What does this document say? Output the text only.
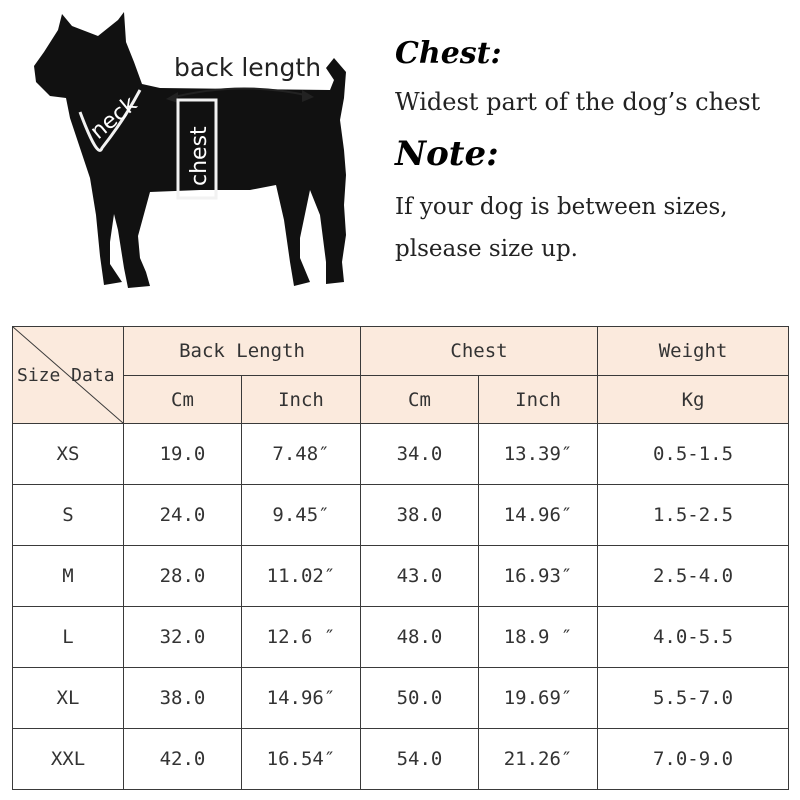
back length
neck
chest
Chest:
Widest part of the dog’s chest
Note:
If your dog is between sizes,
plsease size up.
Size Data	Back Length		Chest		Weight
	Cm	Inch	Cm	Inch	Kg
XS	19.0	7.48″	34.0	13.39″	0.5-1.5
S	24.0	9.45″	38.0	14.96″	1.5-2.5
M	28.0	11.02″	43.0	16.93″	2.5-4.0
L	32.0	12.6 ″	48.0	18.9 ″	4.0-5.5
XL	38.0	14.96″	50.0	19.69″	5.5-7.0
XXL	42.0	16.54″	54.0	21.26″	7.0-9.0
